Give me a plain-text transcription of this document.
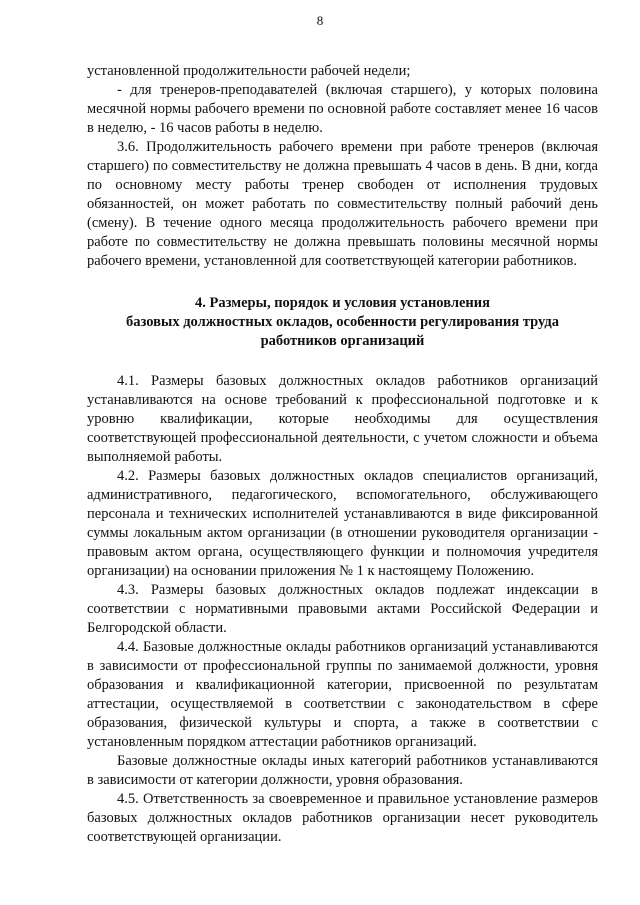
8

установленной продолжительности рабочей недели;

- для тренеров-преподавателей (включая старшего), у которых половина месячной нормы рабочего времени по основной работе составляет менее 16 часов в неделю, - 16 часов работы в неделю.

3.6. Продолжительность рабочего времени при работе тренеров (включая старшего) по совместительству не должна превышать 4 часов в день. В дни, когда по основному месту работы тренер свободен от исполнения трудовых обязанностей, он может работать по совместительству полный рабочий день (смену). В течение одного месяца продолжительность рабочего времени при работе по совместительству не должна превышать половины месячной нормы рабочего времени, установленной для соответствующей категории работников.

4. Размеры, порядок и условия установления
базовых должностных окладов, особенности регулирования труда
работников организаций

4.1. Размеры базовых должностных окладов работников организаций устанавливаются на основе требований к профессиональной подготовке и к уровню квалификации, которые необходимы для осуществления соответствующей профессиональной деятельности, с учетом сложности и объема выполняемой работы.

4.2. Размеры базовых должностных окладов специалистов организаций, административного, педагогического, вспомогательного, обслуживающего персонала и технических исполнителей устанавливаются в виде фиксированной суммы локальным актом организации (в отношении руководителя организации - правовым актом органа, осуществляющего функции и полномочия учредителя организации) на основании приложения № 1 к настоящему Положению.

4.3. Размеры базовых должностных окладов подлежат индексации в соответствии с нормативными правовыми актами Российской Федерации и Белгородской области.

4.4. Базовые должностные оклады работников организаций устанавливаются в зависимости от профессиональной группы по занимаемой должности, уровня образования и квалификационной категории, присвоенной по результатам аттестации, осуществляемой в соответствии с законодательством в сфере образования, физической культуры и спорта, а также в соответствии с установленным порядком аттестации работников организаций.

Базовые должностные оклады иных категорий работников устанавливаются в зависимости от категории должности, уровня образования.

4.5. Ответственность за своевременное и правильное установление размеров базовых должностных окладов работников организации несет руководитель соответствующей организации.
